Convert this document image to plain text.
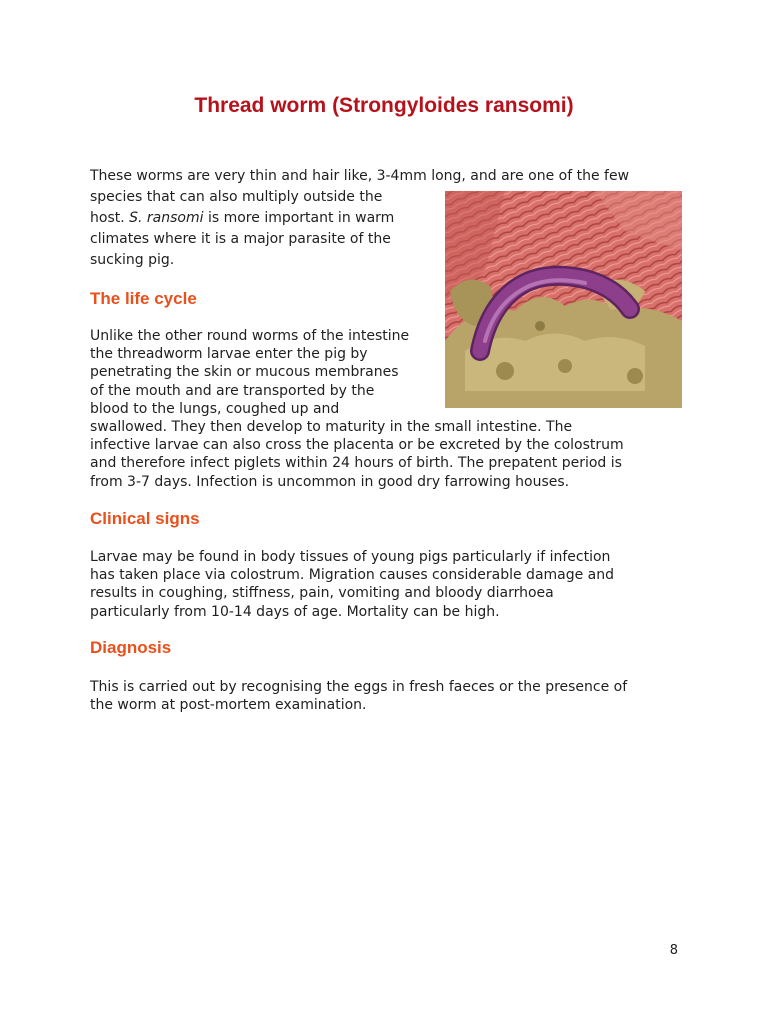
Thread worm (Strongyloides ransomi)
These worms are very thin and hair like, 3-4mm long, and are one of the few
species that can also multiply outside the
host. S. ransomi is more important in warm
climates where it is a major parasite of the
sucking pig.
The life cycle
Unlike the other round worms of the intestine
the threadworm larvae enter the pig by
penetrating the skin or mucous membranes
of the mouth and are transported by the
blood to the lungs, coughed up and
swallowed. They then develop to maturity in the small intestine. The
infective larvae can also cross the placenta or be excreted by the colostrum
and therefore infect piglets within 24 hours of birth. The prepatent period is
from 3-7 days. Infection is uncommon in good dry farrowing houses.
Clinical signs
Larvae may be found in body tissues of young pigs particularly if infection
has taken place via colostrum. Migration causes considerable damage and
results in coughing, stiffness, pain, vomiting and bloody diarrhoea
particularly from 10-14 days of age. Mortality can be high.
Diagnosis
This is carried out by recognising the eggs in fresh faeces or the presence of
the worm at post-mortem examination.
8
